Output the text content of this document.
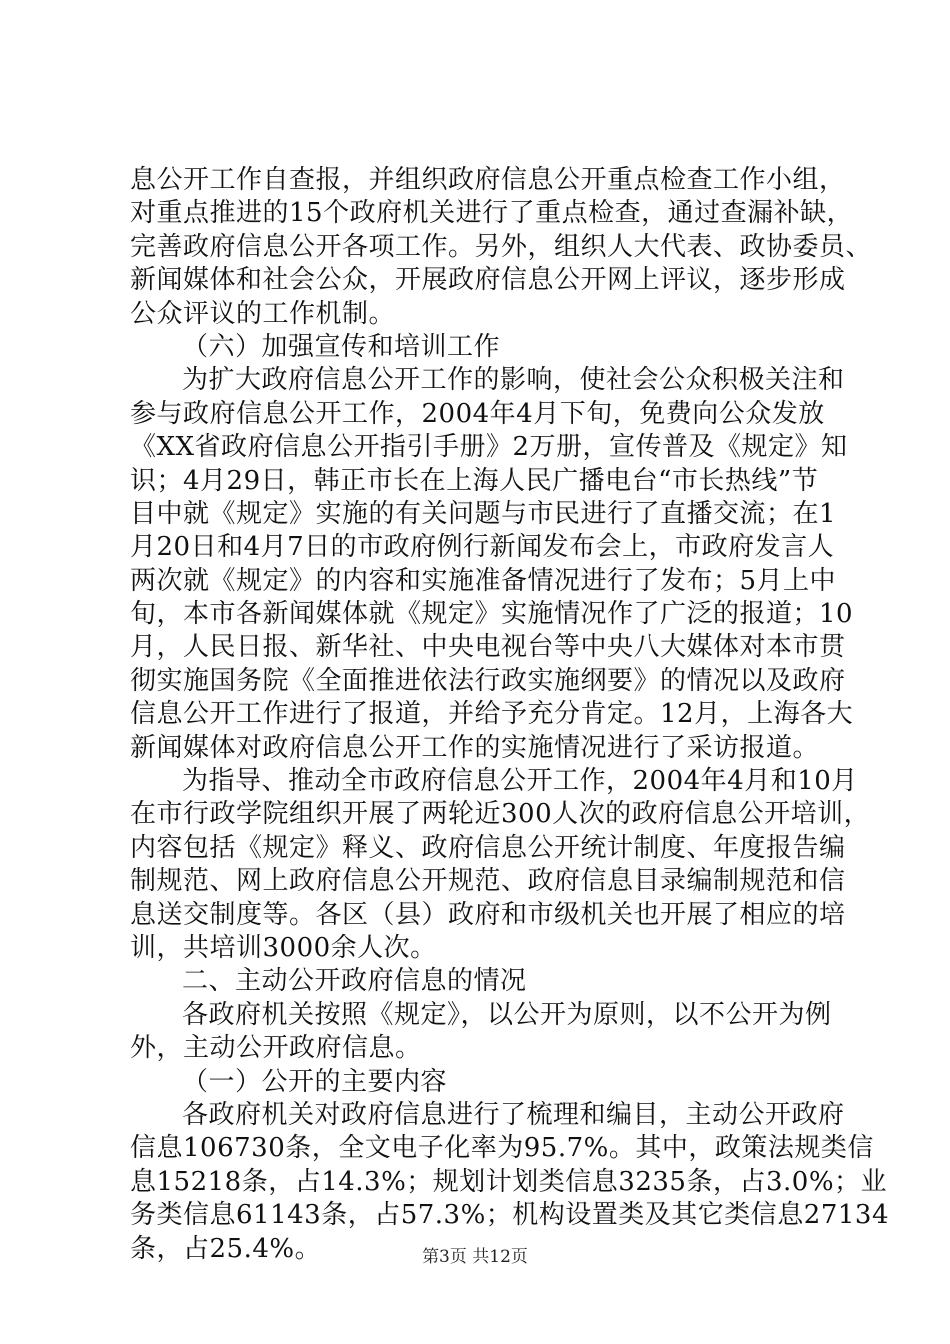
息公开工作自查报，并组织政府信息公开重点检查工作小组，
对重点推进的15个政府机关进行了重点检查，通过查漏补缺，
完善政府信息公开各项工作。另外，组织人大代表、政协委员、
新闻媒体和社会公众，开展政府信息公开网上评议，逐步形成
公众评议的工作机制。
（六）加强宣传和培训工作
为扩大政府信息公开工作的影响，使社会公众积极关注和
参与政府信息公开工作，2004年4月下旬，免费向公众发放
《XX省政府信息公开指引手册》2万册，宣传普及《规定》知
识；4月29日，韩正市长在上海人民广播电台“市长热线”节
目中就《规定》实施的有关问题与市民进行了直播交流；在1
月20日和4月7日的市政府例行新闻发布会上，市政府发言人
两次就《规定》的内容和实施准备情况进行了发布；5月上中
旬，本市各新闻媒体就《规定》实施情况作了广泛的报道；10
月，人民日报、新华社、中央电视台等中央八大媒体对本市贯
彻实施国务院《全面推进依法行政实施纲要》的情况以及政府
信息公开工作进行了报道，并给予充分肯定。12月，上海各大
新闻媒体对政府信息公开工作的实施情况进行了采访报道。
为指导、推动全市政府信息公开工作，2004年4月和10月
在市行政学院组织开展了两轮近300人次的政府信息公开培训，
内容包括《规定》释义、政府信息公开统计制度、年度报告编
制规范、网上政府信息公开规范、政府信息目录编制规范和信
息送交制度等。各区（县）政府和市级机关也开展了相应的培
训，共培训3000余人次。
二、主动公开政府信息的情况
各政府机关按照《规定》，以公开为原则，以不公开为例
外，主动公开政府信息。
（一）公开的主要内容
各政府机关对政府信息进行了梳理和编目，主动公开政府
信息106730条，全文电子化率为95.7%。其中，政策法规类信
息15218条，占14.3%；规划计划类信息3235条，占3.0%；业
务类信息61143条，占57.3%；机构设置类及其它类信息27134
条，占25.4%。	第3页 共12页
